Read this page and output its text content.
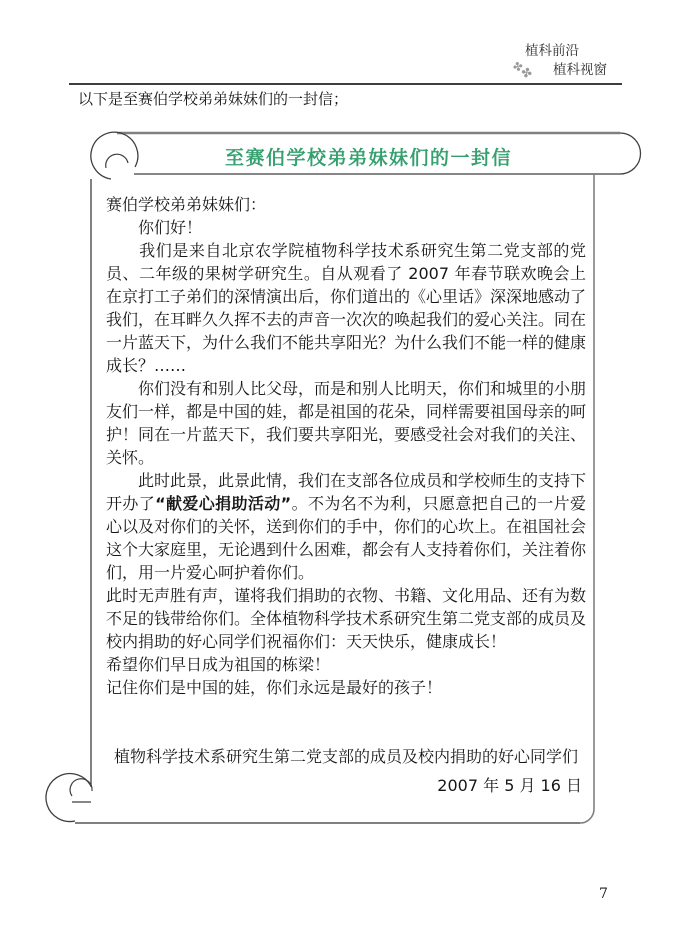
植科前沿
✤✤ 植科视窗
以下是至赛伯学校弟弟妹妹们的一封信；
至赛伯学校弟弟妹妹们的一封信

赛伯学校弟弟妹妹们：

　　你们好！

　　我们是来自北京农学院植物科学技术系研究生第二党支部的党员、二年级的果树学研究生。自从观看了 2007 年春节联欢晚会上在京打工子弟们的深情演出后，你们道出的《心里话》深深地感动了我们，在耳畔久久挥不去的声音一次次的唤起我们的爱心关注。同在一片蓝天下，为什么我们不能共享阳光？为什么我们不能一样的健康成长？……

　　你们没有和别人比父母，而是和别人比明天，你们和城里的小朋友们一样，都是中国的娃，都是祖国的花朵，同样需要祖国母亲的呵护！同在一片蓝天下，我们要共享阳光，要感受社会对我们的关注、关怀。

　　此时此景，此景此情，我们在支部各位成员和学校师生的支持下开办了“献爱心捐助活动”。不为名不为利，只愿意把自己的一片爱心以及对你们的关怀，送到你们的手中，你们的心坎上。在祖国社会这个大家庭里，无论遇到什么困难，都会有人支持着你们，关注着你们，用一片爱心呵护着你们。

此时无声胜有声，谨将我们捐助的衣物、书籍、文化用品、还有为数不足的钱带给你们。全体植物科学技术系研究生第二党支部的成员及校内捐助的好心同学们祝福你们：天天快乐，健康成长！

希望你们早日成为祖国的栋梁！

记住你们是中国的娃，你们永远是最好的孩子！

植物科学技术系研究生第二党支部的成员及校内捐助的好心同学们

2007 年 5 月 16 日

7
